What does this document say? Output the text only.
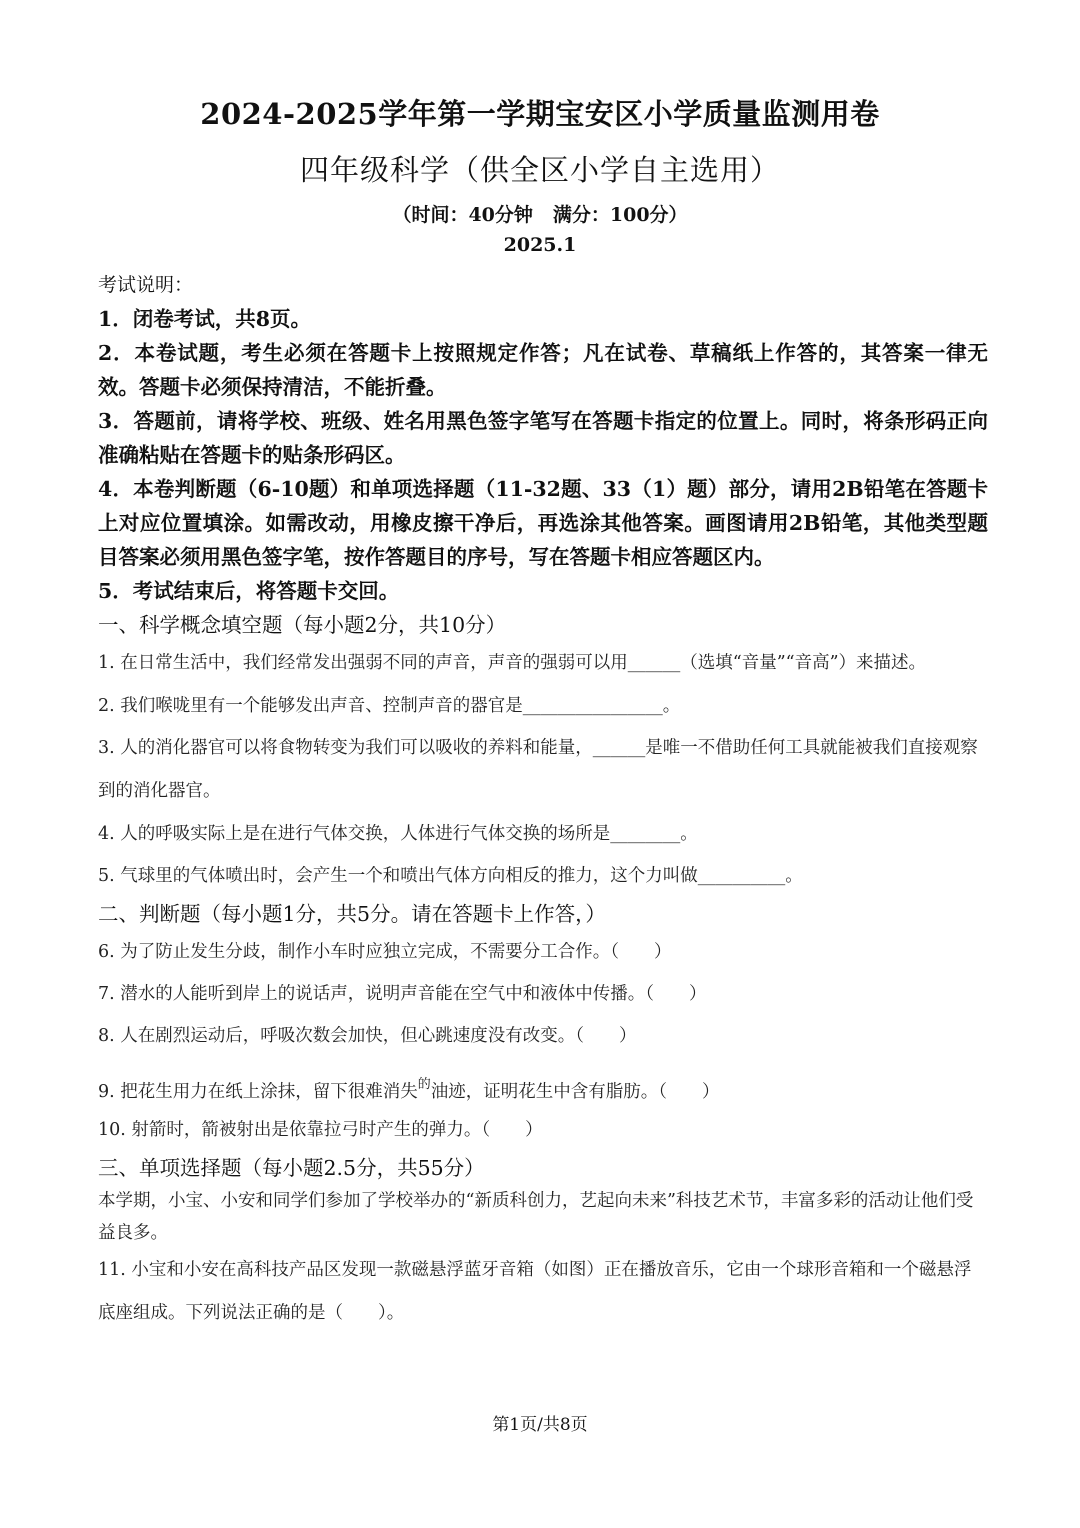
2024-2025学年第一学期宝安区小学质量监测用卷
四年级科学（供全区小学自主选用）
（时间：40分钟 满分：100分）
2025.1
考试说明：
1．闭卷考试，共8页。
2．本卷试题，考生必须在答题卡上按照规定作答；凡在试卷、草稿纸上作答的，其答案一律无效。答题卡必须保持清洁，不能折叠。
3．答题前，请将学校、班级、姓名用黑色签字笔写在答题卡指定的位置上。同时，将条形码正向准确粘贴在答题卡的贴条形码区。
4．本卷判断题（6-10题）和单项选择题（11-32题、33（1）题）部分，请用2B铅笔在答题卡上对应位置填涂。如需改动，用橡皮擦干净后，再选涂其他答案。画图请用2B铅笔，其他类型题目答案必须用黑色签字笔，按作答题目的序号，写在答题卡相应答题区内。
5．考试结束后，将答题卡交回。
一、科学概念填空题（每小题2分，共10分）
1. 在日常生活中，我们经常发出强弱不同的声音，声音的强弱可以用______（选填“音量”“音高”）来描述。
2. 我们喉咙里有一个能够发出声音、控制声音的器官是________________。
3. 人的消化器官可以将食物转变为我们可以吸收的养料和能量，______是唯一不借助任何工具就能被我们直接观察到的消化器官。
4. 人的呼吸实际上是在进行气体交换，人体进行气体交换的场所是________。
5. 气球里的气体喷出时，会产生一个和喷出气体方向相反的推力，这个力叫做__________。
二、判断题（每小题1分，共5分。请在答题卡上作答，）
6. 为了防止发生分歧，制作小车时应独立完成，不需要分工合作。（　　）
7. 潜水的人能听到岸上的说话声，说明声音能在空气中和液体中传播。（　　）
8. 人在剧烈运动后，呼吸次数会加快，但心跳速度没有改变。（　　）
9. 把花生用力在纸上涂抹，留下很难消失$^的$油迹，证明花生中含有脂肪。（　　）
10. 射箭时，箭被射出是依靠拉弓时产生的弹力。（　　）
三、单项选择题（每小题2.5分，共55分）
本学期，小宝、小安和同学们参加了学校举办的“新质科创力，艺起向未来”科技艺术节，丰富多彩的活动让他们受益良多。
11. 小宝和小安在高科技产品区发现一款磁悬浮蓝牙音箱（如图）正在播放音乐，它由一个球形音箱和一个磁悬浮底座组成。下列说法正确的是（　　）。
第1页/共8页
